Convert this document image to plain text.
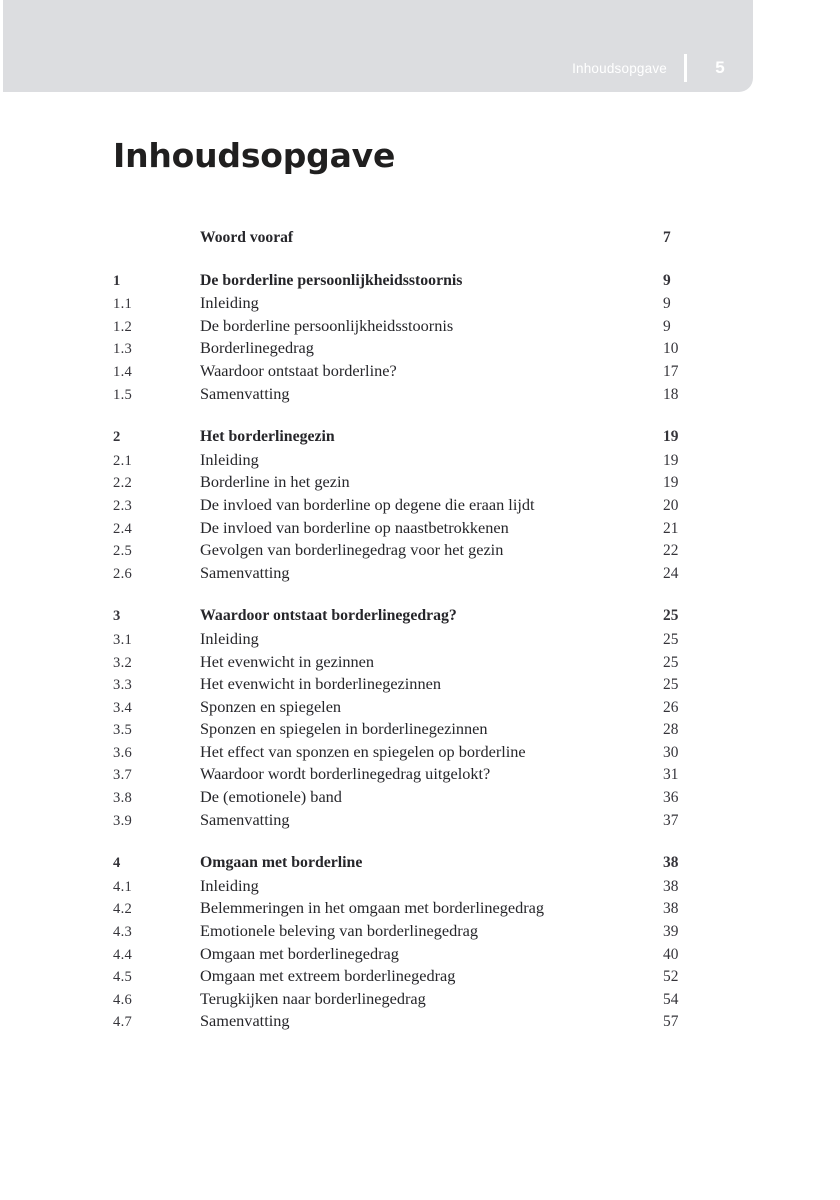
Inhoudsopgave	5
Inhoudsopgave
Woord vooraf	7
1	De borderline persoonlijkheidsstoornis	9
1.1	Inleiding	9
1.2	De borderline persoonlijkheidsstoornis	9
1.3	Borderlinegedrag	10
1.4	Waardoor ontstaat borderline?	17
1.5	Samenvatting	18
2	Het borderlinegezin	19
2.1	Inleiding	19
2.2	Borderline in het gezin	19
2.3	De invloed van borderline op degene die eraan lijdt	20
2.4	De invloed van borderline op naastbetrokkenen	21
2.5	Gevolgen van borderlinegedrag voor het gezin	22
2.6	Samenvatting	24
3	Waardoor ontstaat borderlinegedrag?	25
3.1	Inleiding	25
3.2	Het evenwicht in gezinnen	25
3.3	Het evenwicht in borderlinegezinnen	25
3.4	Sponzen en spiegelen	26
3.5	Sponzen en spiegelen in borderlinegezinnen	28
3.6	Het effect van sponzen en spiegelen op borderline	30
3.7	Waardoor wordt borderlinegedrag uitgelokt?	31
3.8	De (emotionele) band	36
3.9	Samenvatting	37
4	Omgaan met borderline	38
4.1	Inleiding	38
4.2	Belemmeringen in het omgaan met borderlinegedrag	38
4.3	Emotionele beleving van borderlinegedrag	39
4.4	Omgaan met borderlinegedrag	40
4.5	Omgaan met extreem borderlinegedrag	52
4.6	Terugkijken naar borderlinegedrag	54
4.7	Samenvatting	57
